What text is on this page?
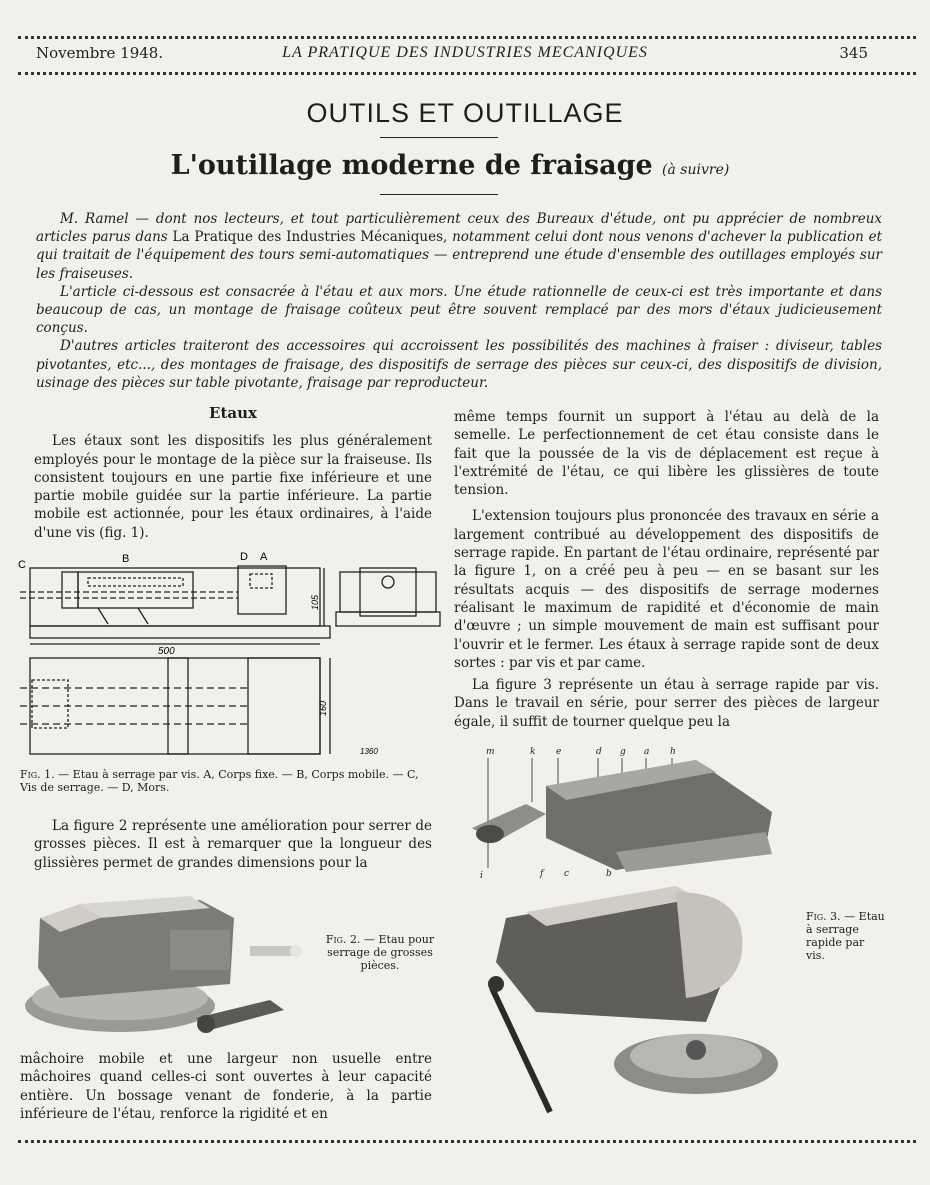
Novembre 1948.	LA PRATIQUE DES INDUSTRIES MECANIQUES	345
OUTILS ET OUTILLAGE
L'outillage moderne de fraisage (à suivre)

M. Ramel — dont nos lecteurs, et tout particulièrement ceux des Bureaux d'étude, ont pu apprécier de nombreux articles parus dans La Pratique des Industries Mécaniques, notamment celui dont nous venons d'achever la publication et qui traitait de l'équipement des tours semi-automatiques — entreprend une étude d'ensemble des outillages employés sur les fraiseuses.

L'article ci-dessous est consacrée à l'étau et aux mors. Une étude rationnelle de ceux-ci est très importante et dans beaucoup de cas, un montage de fraisage coûteux peut être souvent remplacé par des mors d'étaux judicieusement conçus.

D'autres articles traiteront des accessoires qui accroissent les possibilités des machines à fraiser : diviseur, tables pivotantes, etc..., des montages de fraisage, des dispositifs de serrage des pièces sur ceux-ci, des dispositifs de division, usinage des pièces sur table pivotante, fraisage par reproducteur.

Etaux

Les étaux sont les dispositifs les plus généralement employés pour le montage de la pièce sur la fraiseuse. Ils consistent toujours en une partie fixe inférieure et une partie mobile guidée sur la partie inférieure. La partie mobile est actionnée, pour les étaux ordinaires, à l'aide d'une vis (fig. 1).

B	D A
C
500
105
160
1360
Fig. 1. — Etau à serrage par vis. A, Corps fixe. — B, Corps mobile. — C, Vis de serrage. — D, Mors.

La figure 2 représente une amélioration pour serrer de grosses pièces. Il est à remarquer que la longueur des glissières permet de grandes dimensions pour la

Fig. 2. — Etau pour serrage de grosses pièces.

mâchoire mobile et une largeur non usuelle entre mâchoires quand celles-ci sont ouvertes à leur capacité entière. Un bossage venant de fonderie, à la partie inférieure de l'étau, renforce la rigidité et en

même temps fournit un support à l'étau au delà de la semelle. Le perfectionnement de cet étau consiste dans le fait que la poussée de la vis de déplacement est reçue à l'extrémité de l'étau, ce qui libère les glissières de toute tension.

L'extension toujours plus prononcée des travaux en série a largement contribué au développement des dispositifs de serrage rapide. En partant de l'étau ordinaire, représenté par la figure 1, on a créé peu à peu — en se basant sur les résultats acquis — des dispositifs de serrage modernes réalisant le maximum de rapidité et d'économie de main d'œuvre ; un simple mouvement de main est suffisant pour l'ouvrir et le fermer. Les étaux à serrage rapide sont de deux sortes : par vis et par came.

La figure 3 représente un étau à serrage rapide par vis. Dans le travail en série, pour serrer des pièces de largeur égale, il suffit de tourner quelque peu la

m	k e	d g a h
i	f c	b
Fig. 3. — Etau à serrage rapide par vis.
